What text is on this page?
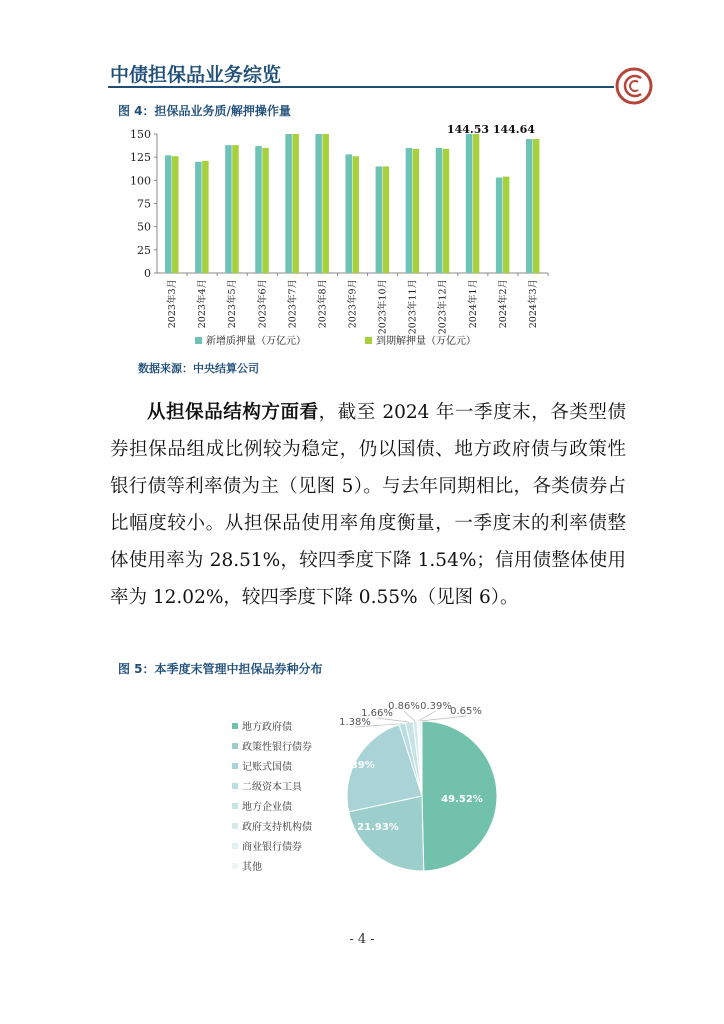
中债担保品业务综览
图 4：担保品业务质/解押操作量
0
25
50
75
100
125
150
2023年3月 2023年4月 2023年5月 2023年6月 2023年7月 2023年8月 2023年9月 2023年10月 2023年11月 2023年12月 2024年1月 2024年2月 2024年3月
144.53 144.64
新增质押量（万亿元）	到期解押量（万亿元）
数据来源：中央结算公司

从担保品结构方面看，截至 2024 年一季度末，各类型债券担保品组成比例较为稳定，仍以国债、地方政府债与政策性银行债等利率债为主（见图 5）。与去年同期相比，各类债券占比幅度较小。从担保品使用率角度衡量，一季度末的利率债整体使用率为 28.51%，较四季度下降 1.54%；信用债整体使用率为 12.02%，较四季度下降 0.55%（见图 6）。

图 5：本季度末管理中担保品券种分布
49.52%
21.93%
23.39%
1.38%
1.66%
0.86% 0.39%
0.65%
地方政府债
政策性银行债券
记账式国债
二级资本工具
地方企业债
政府支持机构债
商业银行债券
其他
- 4 -
